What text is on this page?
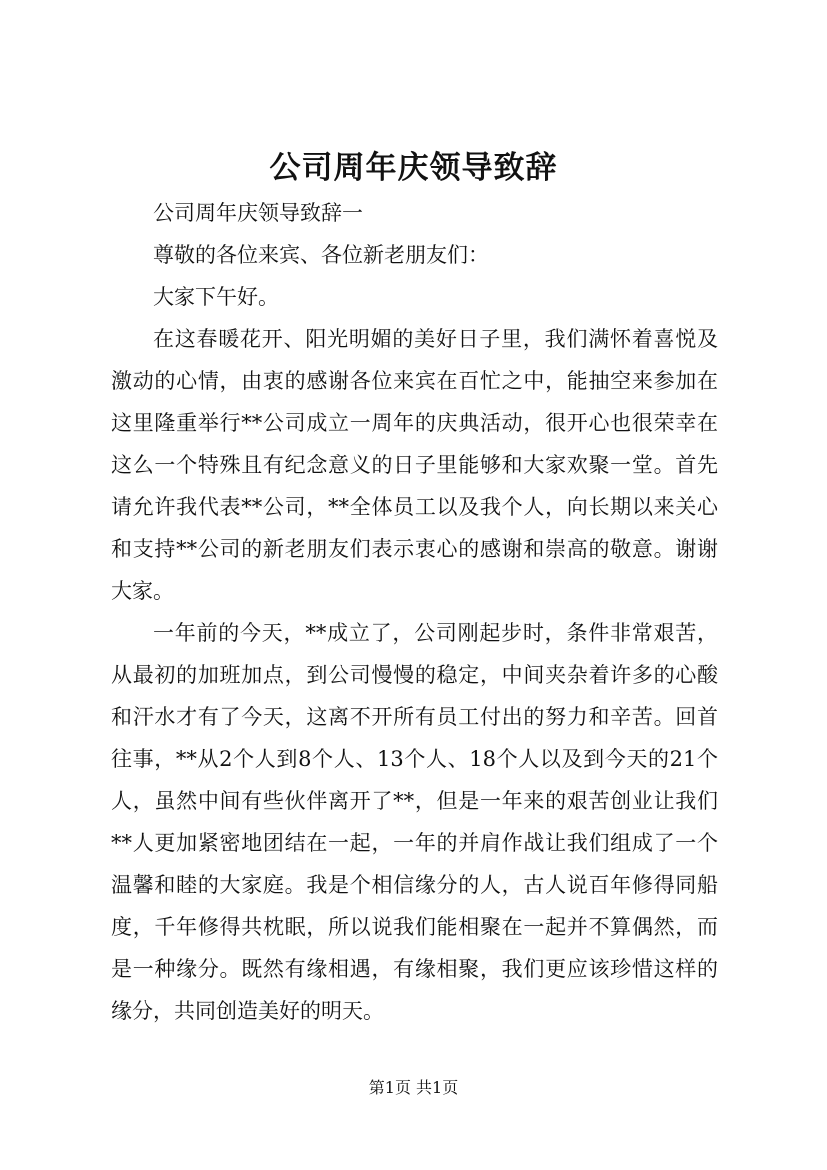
公司周年庆领导致辞

公司周年庆领导致辞一

尊敬的各位来宾、各位新老朋友们：

大家下午好。

在这春暖花开、阳光明媚的美好日子里，我们满怀着喜悦及激动的心情，由衷的感谢各位来宾在百忙之中，能抽空来参加在这里隆重举行**公司成立一周年的庆典活动，很开心也很荣幸在这么一个特殊且有纪念意义的日子里能够和大家欢聚一堂。首先请允许我代表**公司，**全体员工以及我个人，向长期以来关心和支持**公司的新老朋友们表示衷心的感谢和崇高的敬意。谢谢大家。

一年前的今天，**成立了，公司刚起步时，条件非常艰苦，从最初的加班加点，到公司慢慢的稳定，中间夹杂着许多的心酸和汗水才有了今天，这离不开所有员工付出的努力和辛苦。回首往事，**从2个人到8个人、13个人、18个人以及到今天的21个人，虽然中间有些伙伴离开了**，但是一年来的艰苦创业让我们**人更加紧密地团结在一起，一年的并肩作战让我们组成了一个温馨和睦的大家庭。我是个相信缘分的人，古人说百年修得同船度，千年修得共枕眠，所以说我们能相聚在一起并不算偶然，而是一种缘分。既然有缘相遇，有缘相聚，我们更应该珍惜这样的缘分，共同创造美好的明天。

第1页 共1页
